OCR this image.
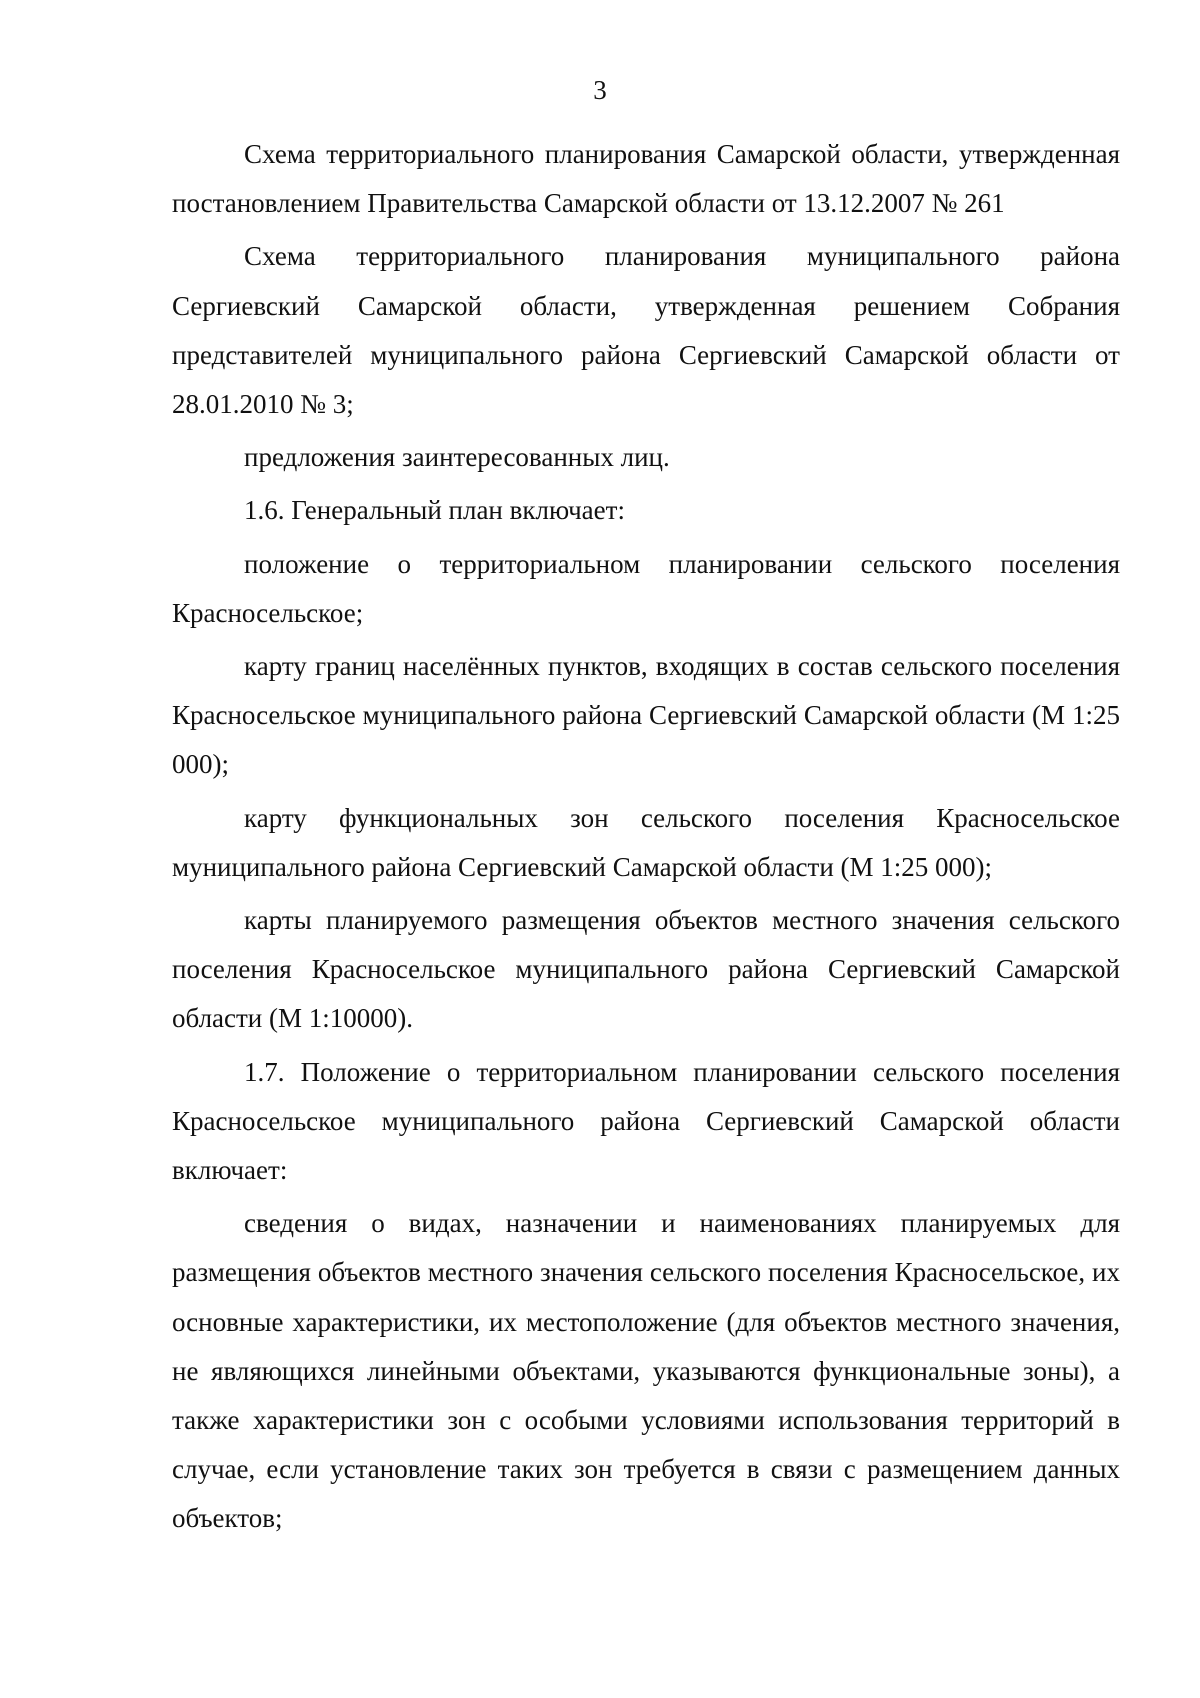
3

Схема территориального планирования Самарской области, утвержденная постановлением Правительства Самарской области от 13.12.2007 № 261

Схема территориального планирования муниципального района Сергиевский Самарской области, утвержденная решением Собрания представителей муниципального района Сергиевский Самарской области от 28.01.2010 № 3;

предложения заинтересованных лиц.

1.6. Генеральный план включает:

положение о территориальном планировании сельского поселения Красносельское;

карту границ населённых пунктов, входящих в состав сельского поселения Красносельское муниципального района Сергиевский Самарской области (М 1:25 000);

карту функциональных зон сельского поселения Красносельское муниципального района Сергиевский Самарской области (М 1:25 000);

карты планируемого размещения объектов местного значения сельского поселения Красносельское муниципального района Сергиевский Самарской области (М 1:10000).

1.7. Положение о территориальном планировании сельского поселения Красносельское муниципального района Сергиевский Самарской области включает:

сведения о видах, назначении и наименованиях планируемых для размещения объектов местного значения сельского поселения Красносельское, их основные характеристики, их местоположение (для объектов местного значения, не являющихся линейными объектами, указываются функциональные зоны), а также характеристики зон с особыми условиями использования территорий в случае, если установление таких зон требуется в связи с размещением данных объектов;
